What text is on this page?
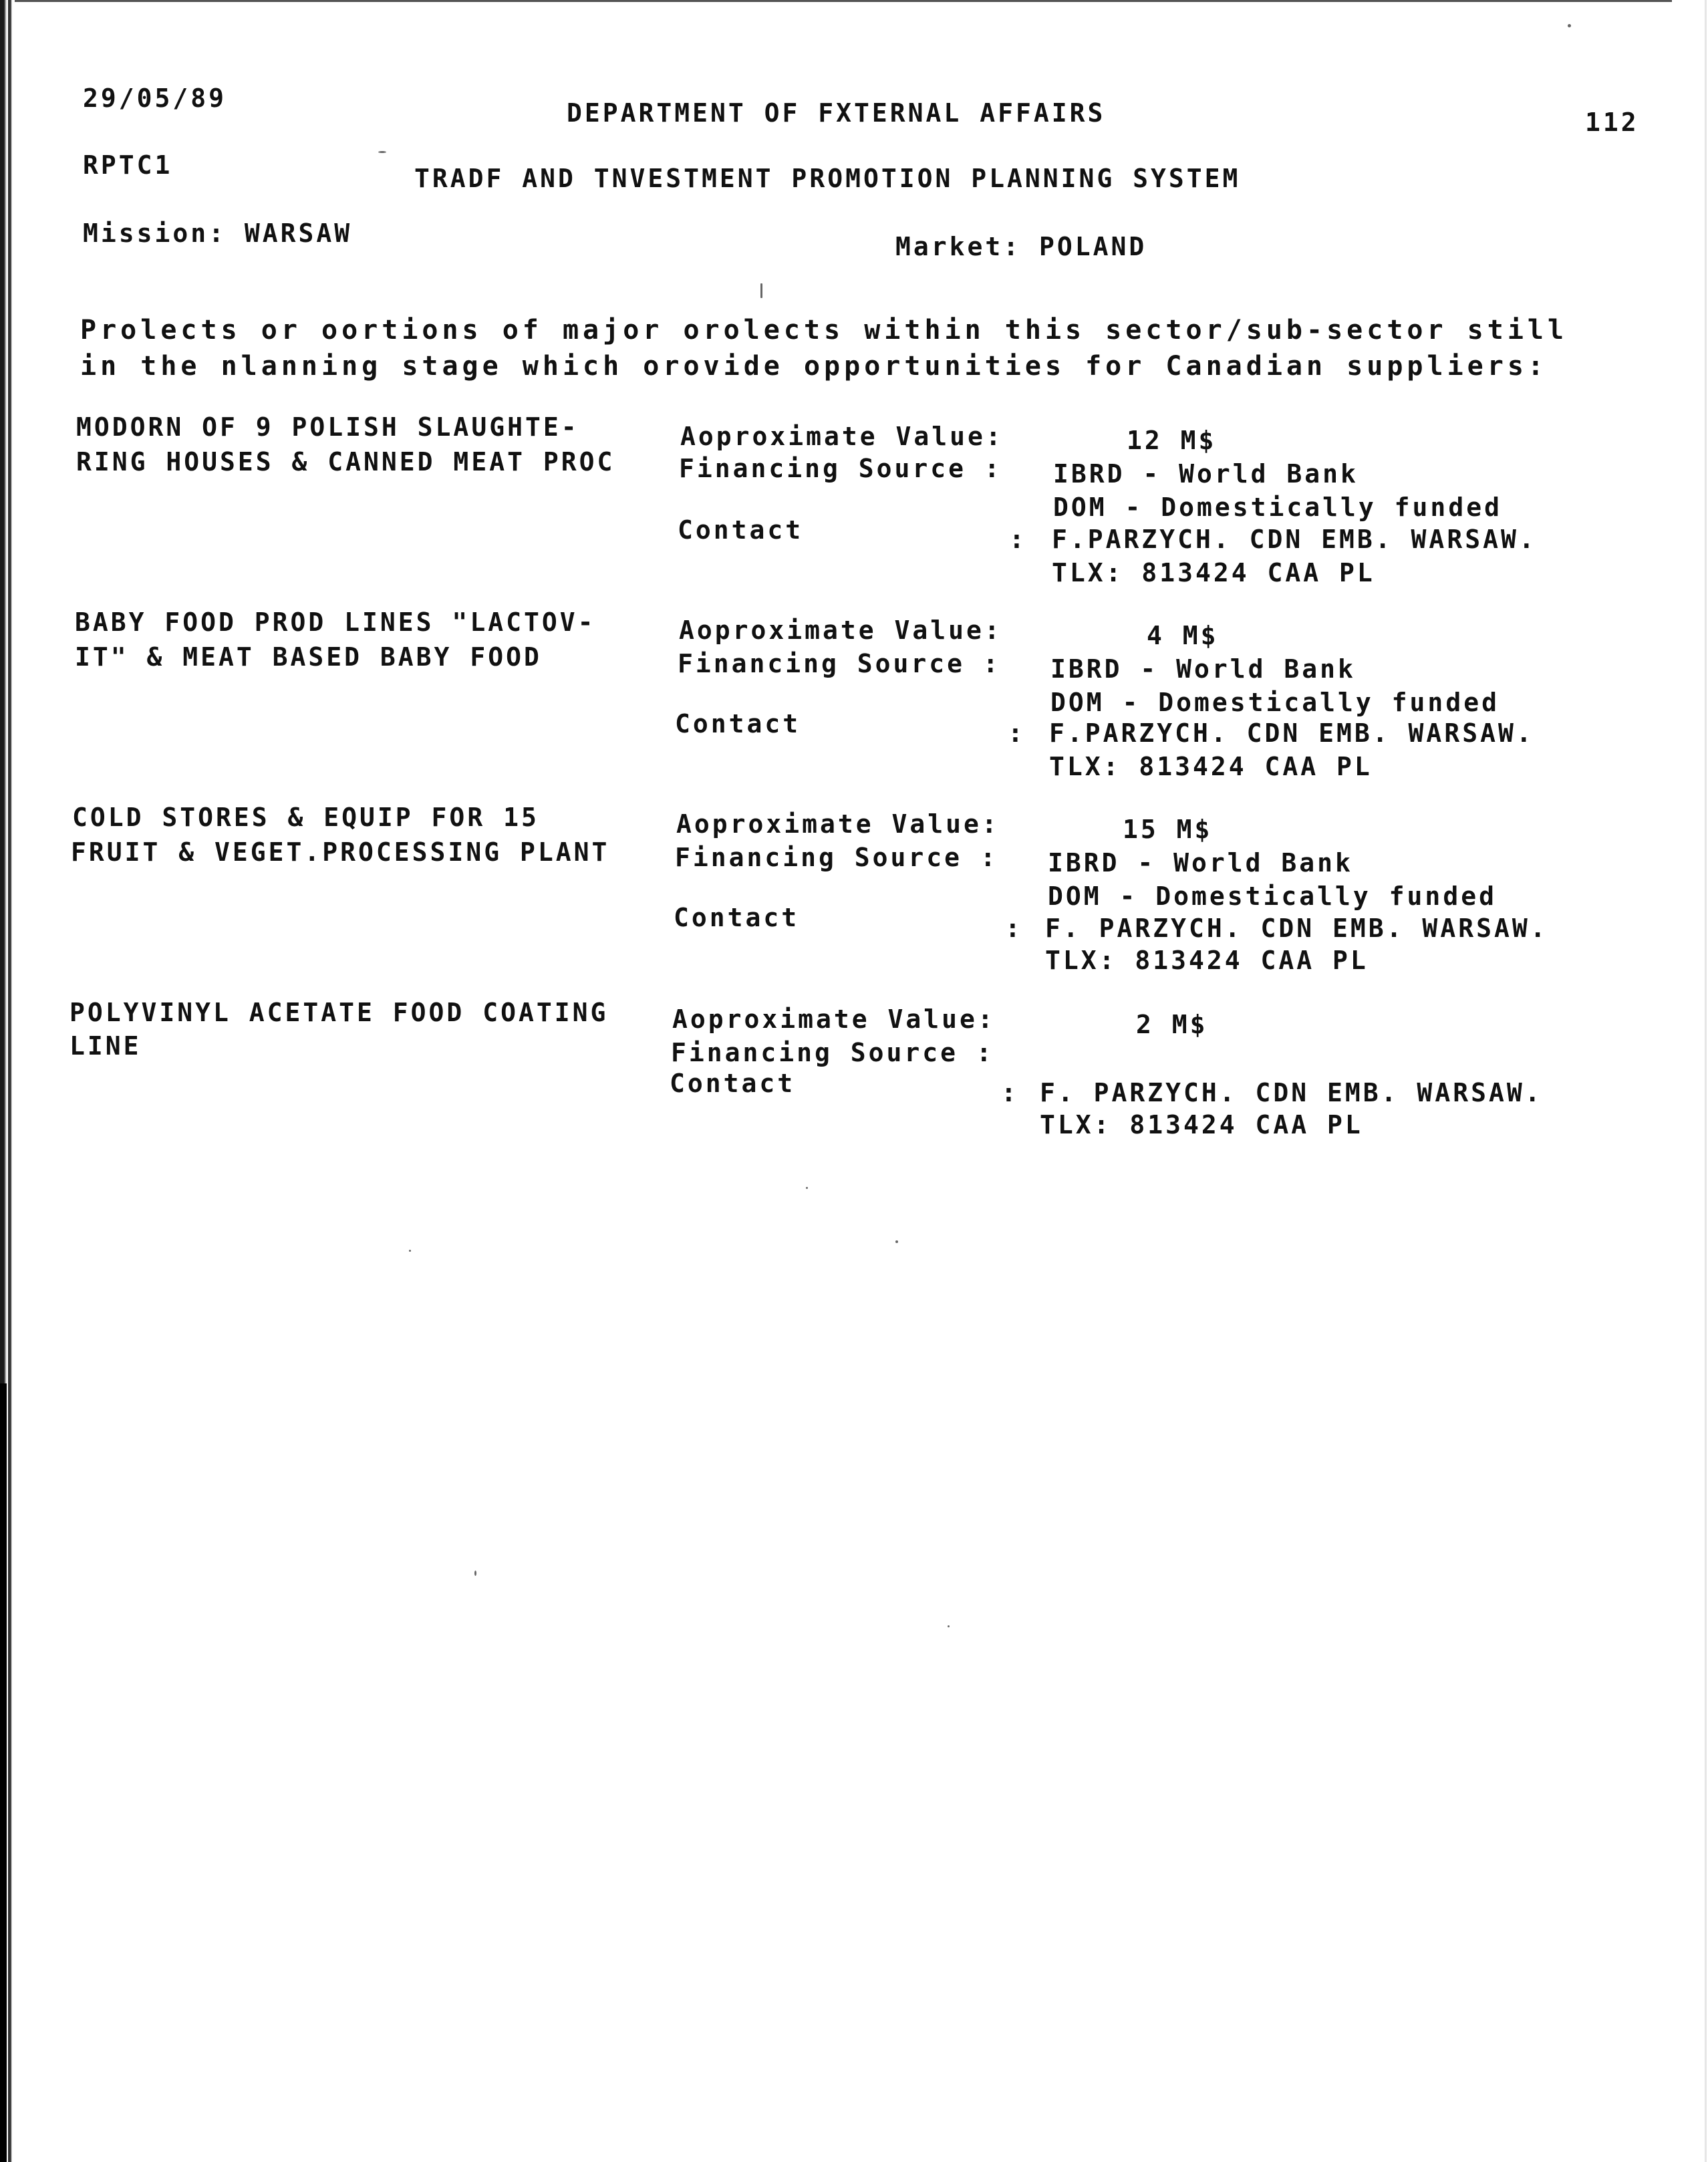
29/05/89	DEPARTMENT OF FXTERNAL AFFAIRS	112
RPTC1	TRADF AND TNVESTMENT PROMOTION PLANNING SYSTEM
Mission: WARSAW	Market: POLAND
Prolects or oortions of major orolects within this sector/sub-sector still
in the nlanning stage which orovide opportunities for Canadian suppliers:
MODORN OF 9 POLISH SLAUGHTE-
RING HOUSES & CANNED MEAT PROC
Aoproximate Value:	12 M$
Financing Source : IBRD - World Bank
DOM - Domestically funded
Contact	: F.PARZYCH. CDN EMB. WARSAW.
TLX: 813424 CAA PL
BABY FOOD PROD LINES "LACTOV-
IT" & MEAT BASED BABY FOOD
Aoproximate Value:	4 M$
Financing Source : IBRD - World Bank
DOM - Domestically funded
Contact	: F.PARZYCH. CDN EMB. WARSAW.
TLX: 813424 CAA PL
COLD STORES & EQUIP FOR 15
FRUIT & VEGET.PROCESSING PLANT
Aoproximate Value:	15 M$
Financing Source : IBRD - World Bank
DOM - Domestically funded
Contact	: F. PARZYCH. CDN EMB. WARSAW.
TLX: 813424 CAA PL
POLYVINYL ACETATE FOOD COATING
LINE
Aoproximate Value:	2 M$
Financing Source :
Contact	: F. PARZYCH. CDN EMB. WARSAW.
TLX: 813424 CAA PL
